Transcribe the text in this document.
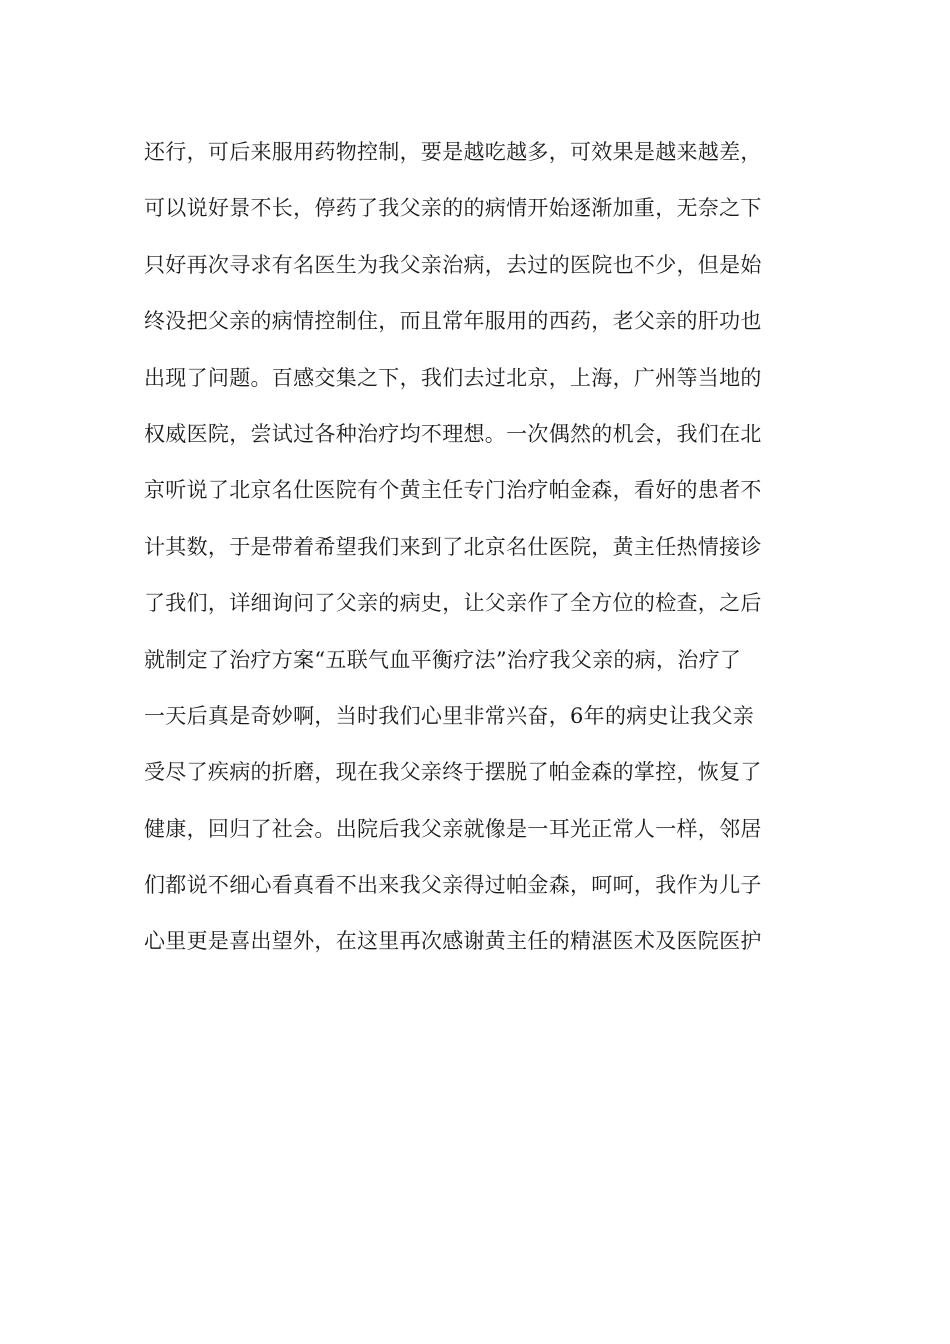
还行，可后来服用药物控制，要是越吃越多，可效果是越来越差，
可以说好景不长，停药了我父亲的的病情开始逐渐加重，无奈之下
只好再次寻求有名医生为我父亲治病，去过的医院也不少，但是始
终没把父亲的病情控制住，而且常年服用的西药，老父亲的肝功也
出现了问题。百感交集之下，我们去过北京，上海，广州等当地的
权威医院，尝试过各种治疗均不理想。一次偶然的机会，我们在北
京听说了北京名仕医院有个黄主任专门治疗帕金森，看好的患者不
计其数，于是带着希望我们来到了北京名仕医院，黄主任热情接诊
了我们，详细询问了父亲的病史，让父亲作了全方位的检查，之后
就制定了治疗方案“五联气血平衡疗法”治疗我父亲的病，治疗了
一天后真是奇妙啊，当时我们心里非常兴奋，6年的病史让我父亲
受尽了疾病的折磨，现在我父亲终于摆脱了帕金森的掌控，恢复了
健康，回归了社会。出院后我父亲就像是一耳光正常人一样，邻居
们都说不细心看真看不出来我父亲得过帕金森，呵呵，我作为儿子
心里更是喜出望外，在这里再次感谢黄主任的精湛医术及医院医护
